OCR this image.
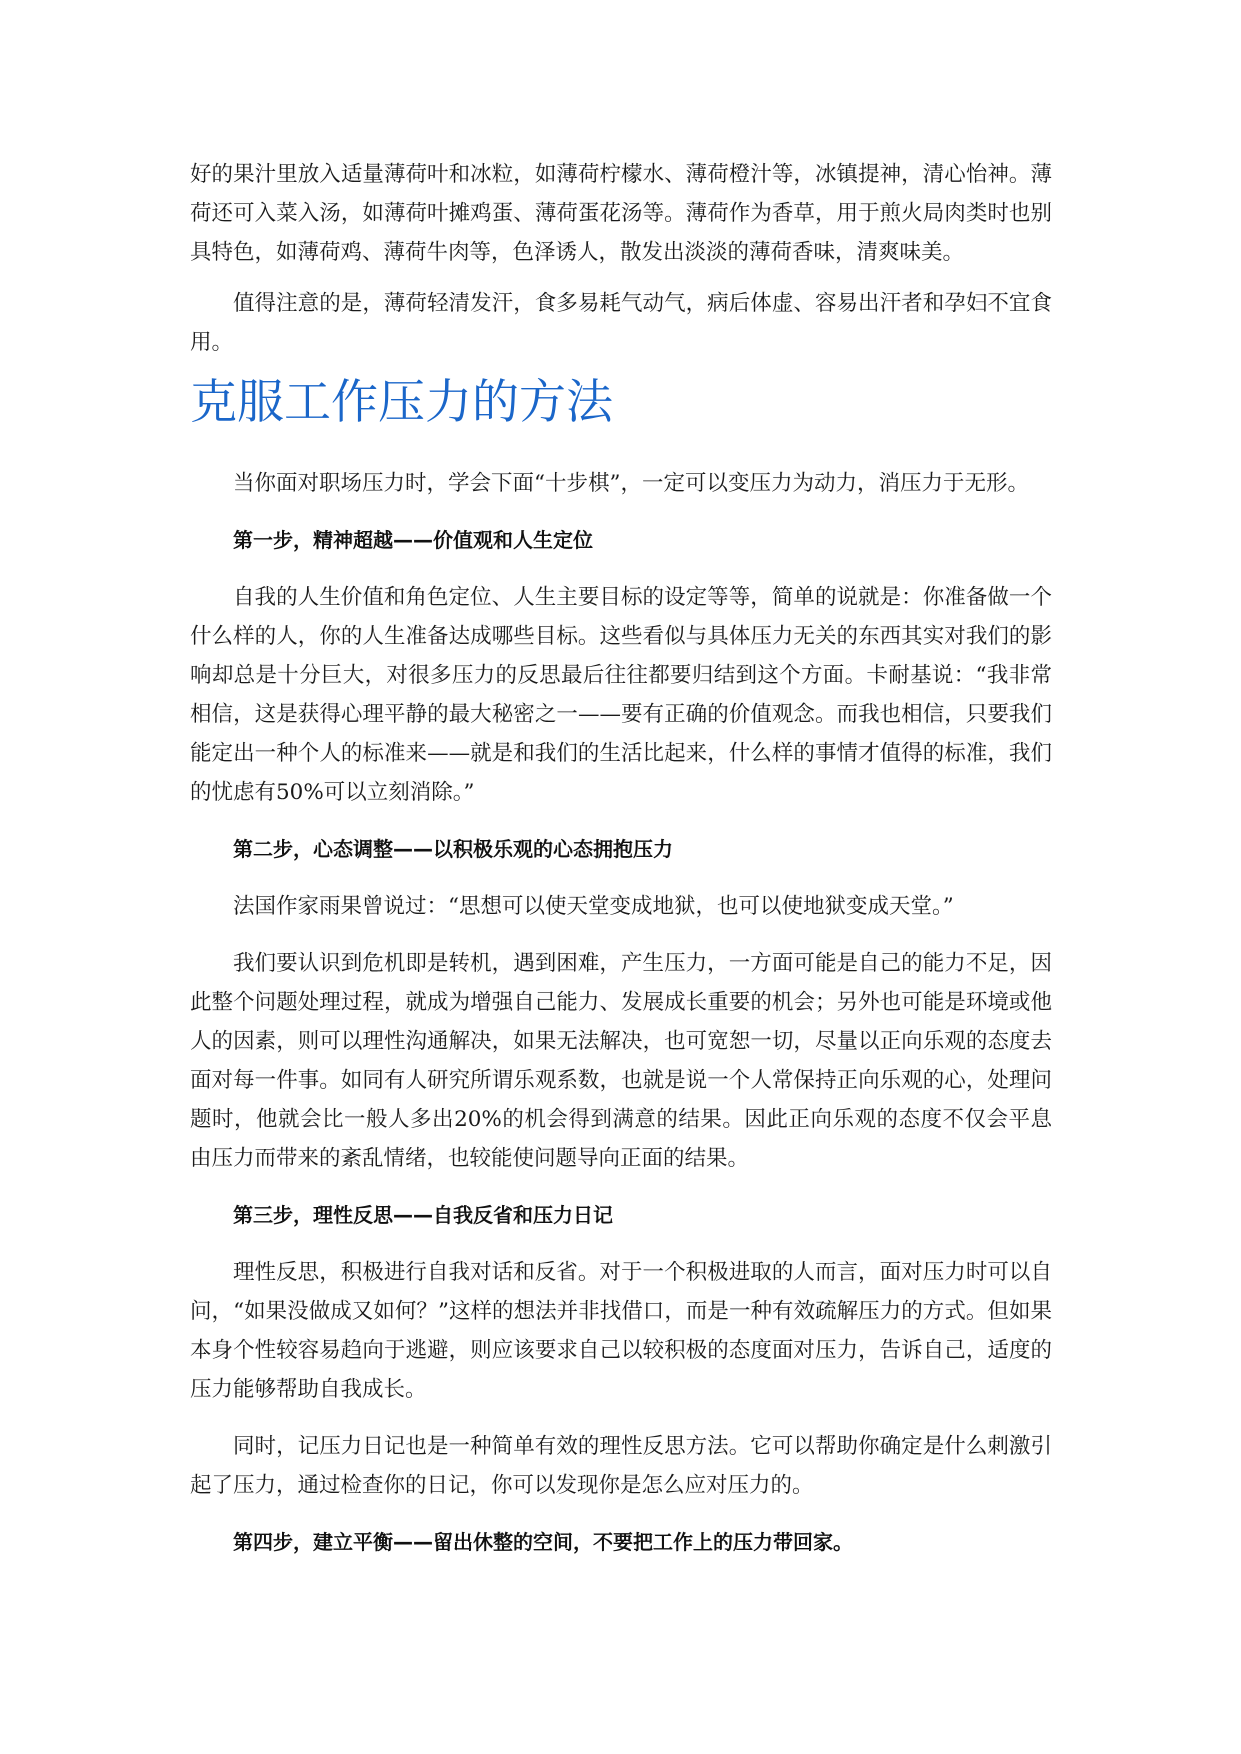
好的果汁里放入适量薄荷叶和冰粒，如薄荷柠檬水、薄荷橙汁等，冰镇提神，清心怡神。薄荷还可入菜入汤，如薄荷叶摊鸡蛋、薄荷蛋花汤等。薄荷作为香草，用于煎火局肉类时也别具特色，如薄荷鸡、薄荷牛肉等，色泽诱人，散发出淡淡的薄荷香味，清爽味美。

值得注意的是，薄荷轻清发汗，食多易耗气动气，病后体虚、容易出汗者和孕妇不宜食用。

克服工作压力的方法

当你面对职场压力时，学会下面“十步棋”，一定可以变压力为动力，消压力于无形。

第一步，精神超越——价值观和人生定位

自我的人生价值和角色定位、人生主要目标的设定等等，简单的说就是：你准备做一个什么样的人，你的人生准备达成哪些目标。这些看似与具体压力无关的东西其实对我们的影响却总是十分巨大，对很多压力的反思最后往往都要归结到这个方面。卡耐基说：“我非常相信，这是获得心理平静的最大秘密之一——要有正确的价值观念。而我也相信，只要我们能定出一种个人的标准来——就是和我们的生活比起来，什么样的事情才值得的标准，我们的忧虑有50%可以立刻消除。”

第二步，心态调整——以积极乐观的心态拥抱压力

法国作家雨果曾说过：“思想可以使天堂变成地狱，也可以使地狱变成天堂。”

我们要认识到危机即是转机，遇到困难，产生压力，一方面可能是自己的能力不足，因此整个问题处理过程，就成为增强自己能力、发展成长重要的机会；另外也可能是环境或他人的因素，则可以理性沟通解决，如果无法解决，也可宽恕一切，尽量以正向乐观的态度去面对每一件事。如同有人研究所谓乐观系数，也就是说一个人常保持正向乐观的心，处理问题时，他就会比一般人多出20%的机会得到满意的结果。因此正向乐观的态度不仅会平息由压力而带来的紊乱情绪，也较能使问题导向正面的结果。

第三步，理性反思——自我反省和压力日记

理性反思，积极进行自我对话和反省。对于一个积极进取的人而言，面对压力时可以自问，“如果没做成又如何？”这样的想法并非找借口，而是一种有效疏解压力的方式。但如果本身个性较容易趋向于逃避，则应该要求自己以较积极的态度面对压力，告诉自己，适度的压力能够帮助自我成长。

同时，记压力日记也是一种简单有效的理性反思方法。它可以帮助你确定是什么刺激引起了压力，通过检查你的日记，你可以发现你是怎么应对压力的。

第四步，建立平衡——留出休整的空间，不要把工作上的压力带回家。
